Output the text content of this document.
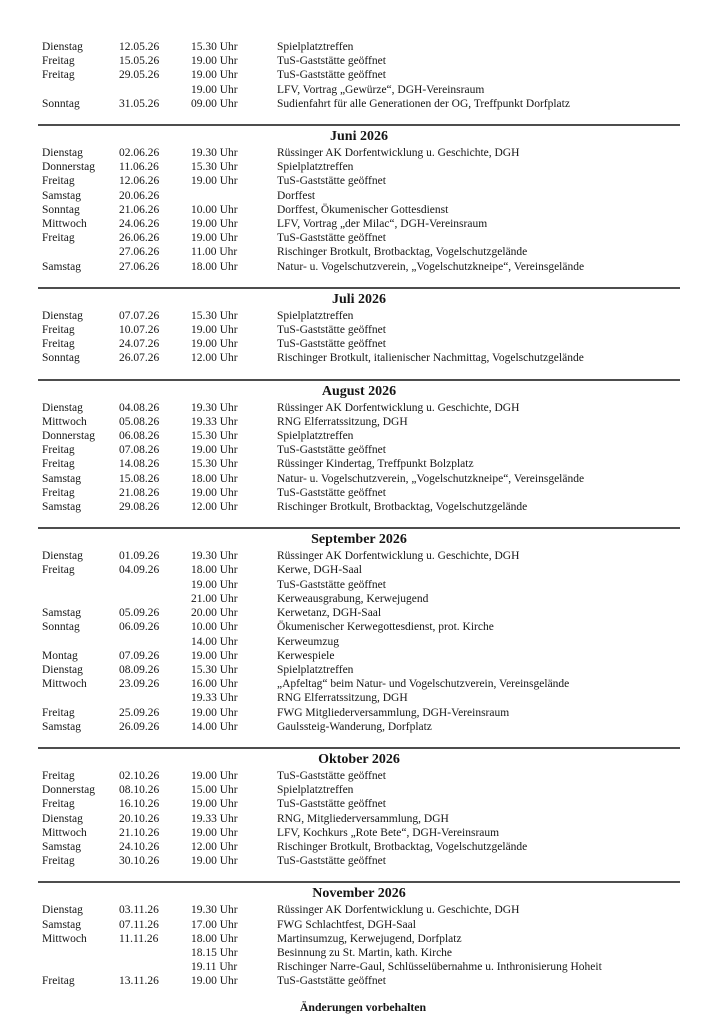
Dienstag	12.05.26	15.30 Uhr	Spielplatztreffen
Freitag	15.05.26	19.00 Uhr	TuS-Gaststätte geöffnet
Freitag	29.05.26	19.00 Uhr	TuS-Gaststätte geöffnet
19.00 Uhr	LFV, Vortrag „Gewürze“, DGH-Vereinsraum
Sonntag	31.05.26	09.00 Uhr	Sudienfahrt für alle Generationen der OG, Treffpunkt Dorfplatz
Juni 2026
Dienstag	02.06.26	19.30 Uhr	Rüssinger AK Dorfentwicklung u. Geschichte, DGH
Donnerstag	11.06.26	15.30 Uhr	Spielplatztreffen
Freitag	12.06.26	19.00 Uhr	TuS-Gaststätte geöffnet
Samstag	20.06.26	Dorffest
Sonntag	21.06.26	10.00 Uhr	Dorffest, Ökumenischer Gottesdienst
Mittwoch	24.06.26	19.00 Uhr	LFV, Vortrag „der Milac“, DGH-Vereinsraum
Freitag	26.06.26	19.00 Uhr	TuS-Gaststätte geöffnet
27.06.26	11.00 Uhr	Rischinger Brotkult, Brotbacktag, Vogelschutzgelände
Samstag	27.06.26	18.00 Uhr	Natur- u. Vogelschutzverein, „Vogelschutzkneipe“, Vereinsgelände
Juli 2026
Dienstag	07.07.26	15.30 Uhr	Spielplatztreffen
Freitag	10.07.26	19.00 Uhr	TuS-Gaststätte geöffnet
Freitag	24.07.26	19.00 Uhr	TuS-Gaststätte geöffnet
Sonntag	26.07.26	12.00 Uhr	Rischinger Brotkult, italienischer Nachmittag, Vogelschutzgelände
August 2026
Dienstag	04.08.26	19.30 Uhr	Rüssinger AK Dorfentwicklung u. Geschichte, DGH
Mittwoch	05.08.26	19.33 Uhr	RNG Elferratssitzung, DGH
Donnerstag	06.08.26	15.30 Uhr	Spielplatztreffen
Freitag	07.08.26	19.00 Uhr	TuS-Gaststätte geöffnet
Freitag	14.08.26	15.30 Uhr	Rüssinger Kindertag, Treffpunkt Bolzplatz
Samstag	15.08.26	18.00 Uhr	Natur- u. Vogelschutzverein, „Vogelschutzkneipe“, Vereinsgelände
Freitag	21.08.26	19.00 Uhr	TuS-Gaststätte geöffnet
Samstag	29.08.26	12.00 Uhr	Rischinger Brotkult, Brotbacktag, Vogelschutzgelände
September 2026
Dienstag	01.09.26	19.30 Uhr	Rüssinger AK Dorfentwicklung u. Geschichte, DGH
Freitag	04.09.26	18.00 Uhr	Kerwe, DGH-Saal
19.00 Uhr	TuS-Gaststätte geöffnet
21.00 Uhr	Kerweausgrabung, Kerwejugend
Samstag	05.09.26	20.00 Uhr	Kerwetanz, DGH-Saal
Sonntag	06.09.26	10.00 Uhr	Ökumenischer Kerwegottesdienst, prot. Kirche
14.00 Uhr	Kerweumzug
Montag	07.09.26	19.00 Uhr	Kerwespiele
Dienstag	08.09.26	15.30 Uhr	Spielplatztreffen
Mittwoch	23.09.26	16.00 Uhr	„Apfeltag“ beim Natur- und Vogelschutzverein, Vereinsgelände
19.33 Uhr	RNG Elferratssitzung, DGH
Freitag	25.09.26	19.00 Uhr	FWG Mitgliederversammlung, DGH-Vereinsraum
Samstag	26.09.26	14.00 Uhr	Gaulssteig-Wanderung, Dorfplatz
Oktober 2026
Freitag	02.10.26	19.00 Uhr	TuS-Gaststätte geöffnet
Donnerstag	08.10.26	15.00 Uhr	Spielplatztreffen
Freitag	16.10.26	19.00 Uhr	TuS-Gaststätte geöffnet
Dienstag	20.10.26	19.33 Uhr	RNG, Mitgliederversammlung, DGH
Mittwoch	21.10.26	19.00 Uhr	LFV, Kochkurs „Rote Bete“, DGH-Vereinsraum
Samstag	24.10.26	12.00 Uhr	Rischinger Brotkult, Brotbacktag, Vogelschutzgelände
Freitag	30.10.26	19.00 Uhr	TuS-Gaststätte geöffnet
November 2026
Dienstag	03.11.26	19.30 Uhr	Rüssinger AK Dorfentwicklung u. Geschichte, DGH
Samstag	07.11.26	17.00 Uhr	FWG Schlachtfest, DGH-Saal
Mittwoch	11.11.26	18.00 Uhr	Martinsumzug, Kerwejugend, Dorfplatz
18.15 Uhr	Besinnung zu St. Martin, kath. Kirche
19.11 Uhr	Rischinger Narre-Gaul, Schlüsselübernahme u. Inthronisierung Hoheit
Freitag	13.11.26	19.00 Uhr	TuS-Gaststätte geöffnet
Änderungen vorbehalten
